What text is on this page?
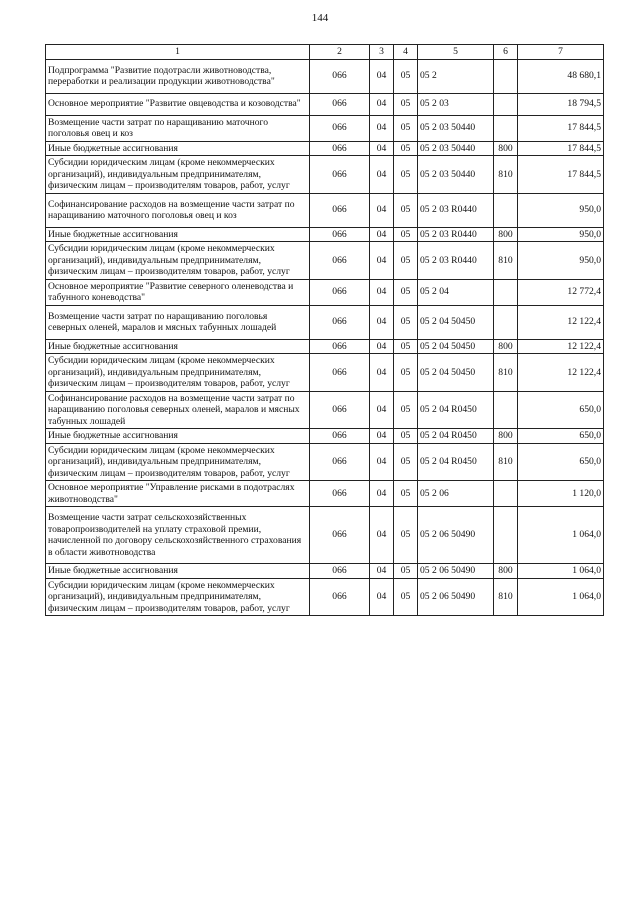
144
1	2	3	4	5	6	7
Подпрограмма "Развитие подотрасли животноводства, переработки и реализации продукции животноводства"	066	04	05	05 2		48 680,1
Основное мероприятие "Развитие овцеводства и козоводства"	066	04	05	05 2 03		18 794,5
Возмещение части затрат по наращиванию маточного поголовья овец и коз	066	04	05	05 2 03 50440		17 844,5
Иные бюджетные ассигнования	066	04	05	05 2 03 50440	800	17 844,5
Субсидии юридическим лицам (кроме некоммерческих организаций), индивидуальным предпринимателям, физическим лицам – производителям товаров, работ, услуг	066	04	05	05 2 03 50440	810	17 844,5
Софинансирование расходов на возмещение части затрат по наращиванию маточного поголовья овец и коз	066	04	05	05 2 03 R0440		950,0
Иные бюджетные ассигнования	066	04	05	05 2 03 R0440	800	950,0
Субсидии юридическим лицам (кроме некоммерческих организаций), индивидуальным предпринимателям, физическим лицам – производителям товаров, работ, услуг	066	04	05	05 2 03 R0440	810	950,0
Основное мероприятие "Развитие северного оленеводства и табунного коневодства"	066	04	05	05 2 04		12 772,4
Возмещение части затрат по наращиванию поголовья северных оленей, маралов и мясных табунных лошадей	066	04	05	05 2 04 50450		12 122,4
Иные бюджетные ассигнования	066	04	05	05 2 04 50450	800	12 122,4
Субсидии юридическим лицам (кроме некоммерческих организаций), индивидуальным предпринимателям, физическим лицам – производителям товаров, работ, услуг	066	04	05	05 2 04 50450	810	12 122,4
Софинансирование расходов на возмещение части затрат по наращиванию поголовья северных оленей, маралов и мясных табунных лошадей	066	04	05	05 2 04 R0450		650,0
Иные бюджетные ассигнования	066	04	05	05 2 04 R0450	800	650,0
Субсидии юридическим лицам (кроме некоммерческих организаций), индивидуальным предпринимателям, физическим лицам – производителям товаров, работ, услуг	066	04	05	05 2 04 R0450	810	650,0
Основное мероприятие "Управление рисками в подотраслях животноводства"	066	04	05	05 2 06		1 120,0
Возмещение части затрат сельскохозяйственных товаропроизводителей на уплату страховой премии, начисленной по договору сельскохозяйственного страхования в области животноводства	066	04	05	05 2 06 50490		1 064,0
Иные бюджетные ассигнования	066	04	05	05 2 06 50490	800	1 064,0
Субсидии юридическим лицам (кроме некоммерческих организаций), индивидуальным предпринимателям, физическим лицам – производителям товаров, работ, услуг	066	04	05	05 2 06 50490	810	1 064,0
